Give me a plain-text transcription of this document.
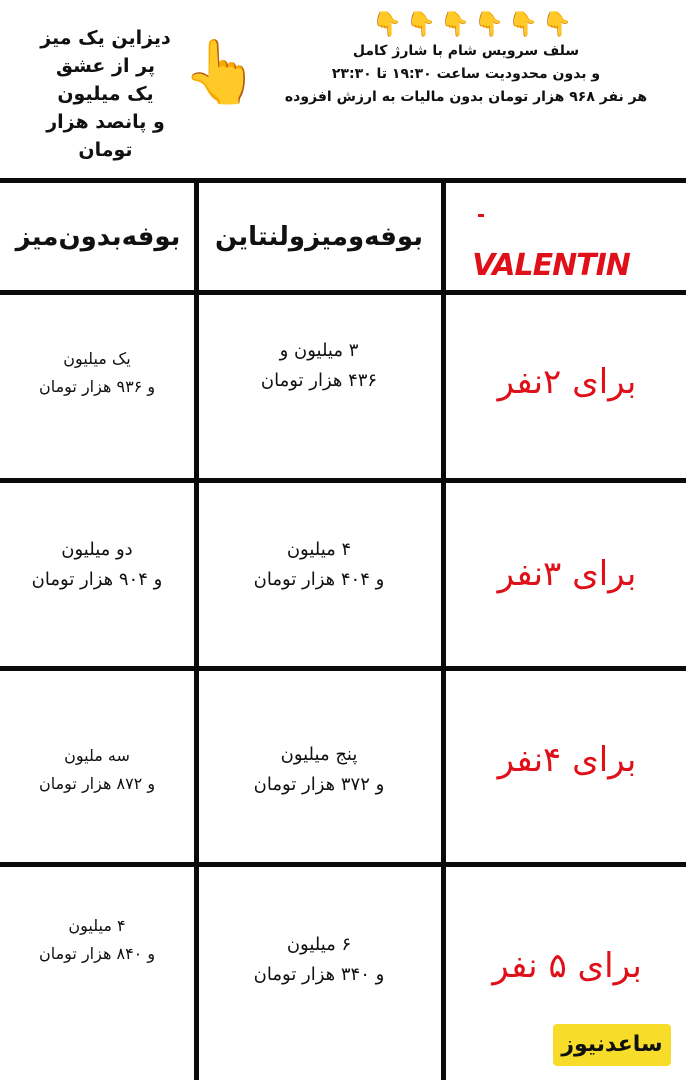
دیزاین یک میز
پر از عشق
یک میلیون
و پانصد هزار تومان
👆
👇 👇 👇 👇 👇 👇
سلف سرویس شام با شارژ کامل
و بدون محدودیت ساعت ۱۹:۳۰ تا ۲۳:۳۰
هر نفر ۹۶۸ هزار تومان بدون مالیات به ارزش افزوده
بوفه‌بدون‌میز	بوفه‌ومیزولنتاین
VALENTIN
برای ۲نفر
۳ میلیون و
۴۳۶ هزار تومان
یک میلیون
و ۹۳۶ هزار تومان
برای ۳نفر
۴ میلیون
و ۴۰۴ هزار تومان
دو میلیون
و ۹۰۴ هزار تومان
برای ۴نفر
پنج میلیون
و ۳۷۲ هزار تومان
سه ملیون
و ۸۷۲ هزار تومان
برای ۵ نفر
۶ میلیون
و ۳۴۰ هزار تومان
۴ میلیون
و ۸۴۰ هزار تومان
ساعدنیوز
